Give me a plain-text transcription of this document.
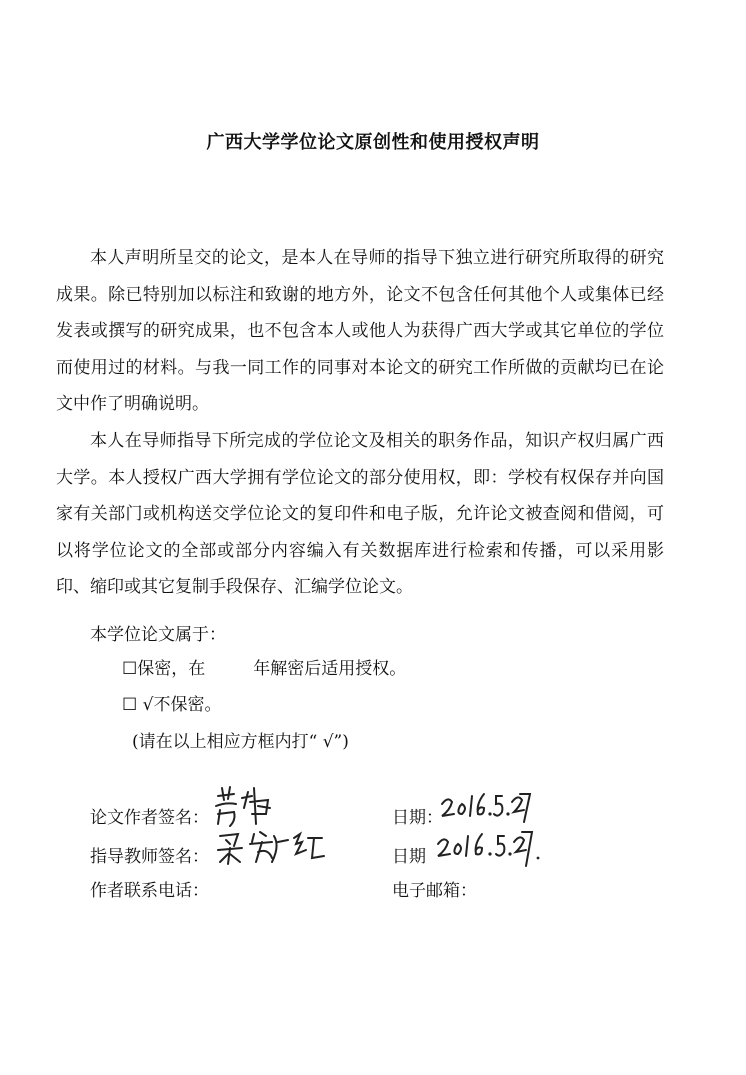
广西大学学位论文原创性和使用授权声明
本人声明所呈交的论文，是本人在导师的指导下独立进行研究所取得的研究成果。除已特别加以标注和致谢的地方外，论文不包含任何其他个人或集体已经发表或撰写的研究成果，也不包含本人或他人为获得广西大学或其它单位的学位而使用过的材料。与我一同工作的同事对本论文的研究工作所做的贡献均已在论文中作了明确说明。
本人在导师指导下所完成的学位论文及相关的职务作品，知识产权归属广西大学。本人授权广西大学拥有学位论文的部分使用权，即：学校有权保存并向国家有关部门或机构送交学位论文的复印件和电子版，允许论文被查阅和借阅，可以将学位论文的全部或部分内容编入有关数据库进行检索和传播，可以采用影印、缩印或其它复制手段保存、汇编学位论文。
本学位论文属于：
☐保密，在	年解密后适用授权。
☐ √不保密。
(请在以上相应方框内打“ √”)
论文作者签名：	日期：
指导教师签名：	日期
作者联系电话：	电子邮箱：
